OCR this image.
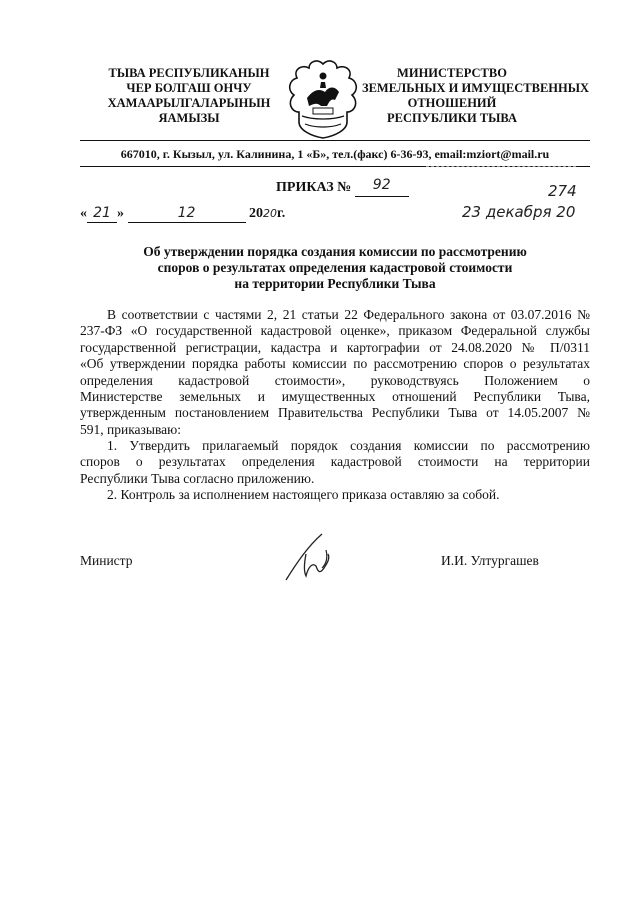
ТЫВА РЕСПУБЛИКАНЫН
ЧЕР БОЛГАШ ОНЧУ
ХАМААРЫЛГАЛАРЫНЫН
ЯАМЫЗЫ
МИНИСТЕРСТВО
ЗЕМЕЛЬНЫХ И ИМУЩЕСТВЕННЫХ
ОТНОШЕНИЙ
РЕСПУБЛИКИ ТЫВА
667010, г. Кызыл, ул. Калинина, 1 «Б», тел.(факс) 6-36-93, email:mziort@mail.ru
ПРИКАЗ № 92
« 21 »	12	2020г.
274
23 декабря 20
Об утверждении порядка создания комиссии по рассмотрению
споров о результатах определения кадастровой стоимости
на территории Республики Тыва
В соответствии с частями 2, 21 статьи 22 Федерального закона от 03.07.2016 №
237-ФЗ «О государственной кадастровой оценке», приказом Федеральной службы
государственной регистрации, кадастра и картографии от 24.08.2020 № П/0311
«Об утверждении порядка работы комиссии по рассмотрению споров о результатах
определения кадастровой стоимости», руководствуясь Положением о
Министерстве земельных и имущественных отношений Республики Тыва,
утвержденным постановлением Правительства Республики Тыва от 14.05.2007 №
591, приказываю:
1. Утвердить прилагаемый порядок создания комиссии по рассмотрению
споров о результатах определения кадастровой стоимости на территории
Республики Тыва согласно приложению.
2. Контроль за исполнением настоящего приказа оставляю за собой.
Министр	И.И. Ултургашев
